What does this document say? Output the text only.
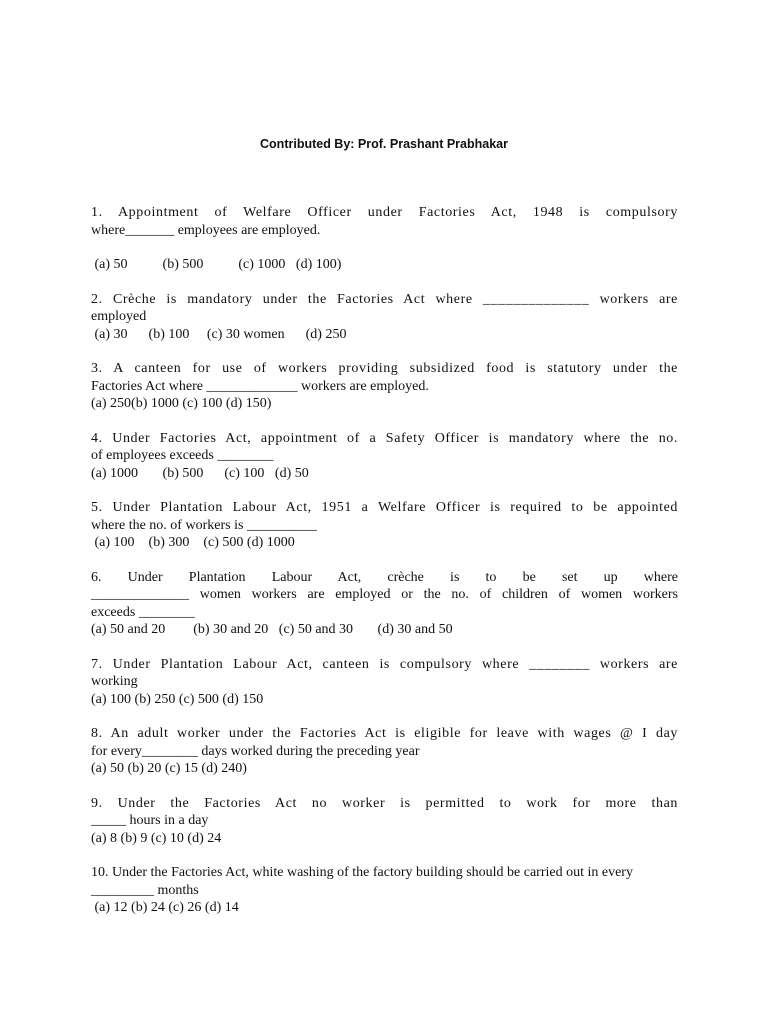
Contributed By: Prof. Prashant Prabhakar
1. Appointment of Welfare Officer under Factories Act, 1948 is compulsory
where_______ employees are employed.
(a) 50          (b) 500          (c) 1000   (d) 100)
2. Crèche is mandatory under the Factories Act where ______________ workers are
employed
(a) 30      (b) 100     (c) 30 women      (d) 250
3. A canteen for use of workers providing subsidized food is statutory under the
Factories Act where _____________ workers are employed.
(a) 250(b) 1000 (c) 100 (d) 150)
4. Under Factories Act, appointment of a Safety Officer is mandatory where the no.
of employees exceeds ________
(a) 1000       (b) 500      (c) 100   (d) 50
5. Under Plantation Labour Act, 1951 a Welfare Officer is required to be appointed
where the no. of workers is __________
(a) 100    (b) 300    (c) 500 (d) 1000
6. Under Plantation Labour Act, crèche is to be set up where
______________ women workers are employed or the no. of children of women workers
exceeds ________
(a) 50 and 20        (b) 30 and 20   (c) 50 and 30       (d) 30 and 50
7. Under Plantation Labour Act, canteen is compulsory where ________ workers are
working
(a) 100 (b) 250 (c) 500 (d) 150
8. An adult worker under the Factories Act is eligible for leave with wages @ I day
for every________ days worked during the preceding year
(a) 50 (b) 20 (c) 15 (d) 240)
9. Under the Factories Act no worker is permitted to work for more than
_____ hours in a day
(a) 8 (b) 9 (c) 10 (d) 24
10. Under the Factories Act, white washing of the factory building should be carried out in every
_________ months
(a) 12 (b) 24 (c) 26 (d) 14
